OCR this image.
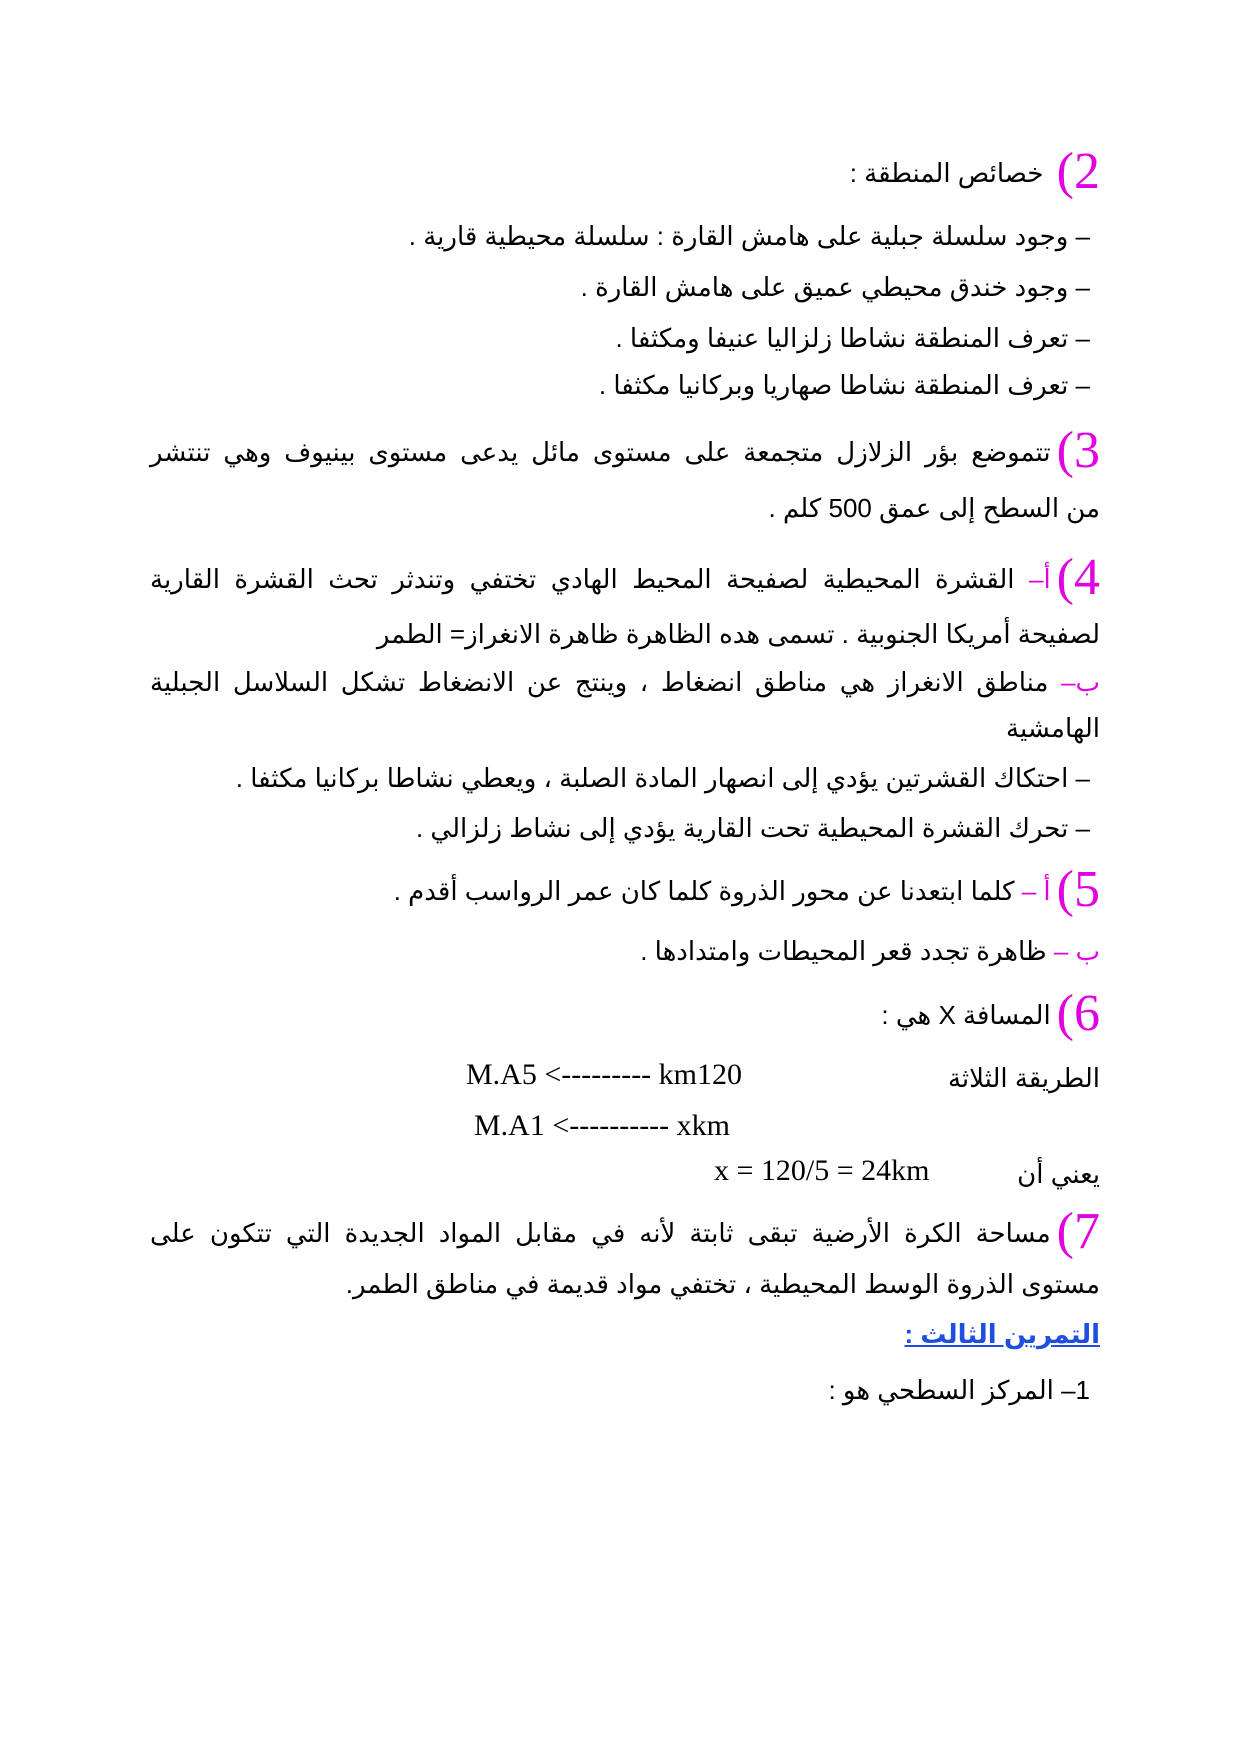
2) خصائص المنطقة :
– وجود سلسلة جبلية على هامش القارة : سلسلة محيطية قارية .
– وجود خندق محيطي عميق على هامش القارة .
– تعرف المنطقة نشاطا زلزاليا عنيفا ومكثفا .
– تعرف المنطقة نشاطا صهاريا وبركانيا مكثفا .
3)تتموضع بؤر الزلازل متجمعة على مستوى مائل يدعى مستوى بينيوف وهي تنتشر
من السطح إلى عمق 500 كلم .
4)أ– القشرة المحيطية لصفيحة المحيط الهادي تختفي وتندثر تحث القشرة القارية
لصفيحة أمريكا الجنوبية . تسمى هده الظاهرة ظاهرة الانغراز= الطمر
ب– مناطق الانغراز هي مناطق انضغاط ، وينتج عن الانضغاط تشكل السلاسل الجبلية
الهامشية
– احتكاك القشرتين يؤدي إلى انصهار المادة الصلبة ، ويعطي نشاطا بركانيا مكثفا .
– تحرك القشرة المحيطية تحت القارية يؤدي إلى نشاط زلزالي .
5)أ – كلما ابتعدنا عن محور الذروة كلما كان عمر الرواسب أقدم .
ب – ظاهرة تجدد قعر المحيطات وامتدادها .
6)المسافة X هي :
الطريقة الثلاثة
M.A5 <--------- km120
M.A1 <---------- xkm
يعني أن
x = 120/5 = 24km
7)مساحة الكرة الأرضية تبقى ثابتة لأنه في مقابل المواد الجديدة التي تتكون على
مستوى الذروة الوسط المحيطية ، تختفي مواد قديمة في مناطق الطمر.
التمرين الثالث :
1– المركز السطحي هو :
